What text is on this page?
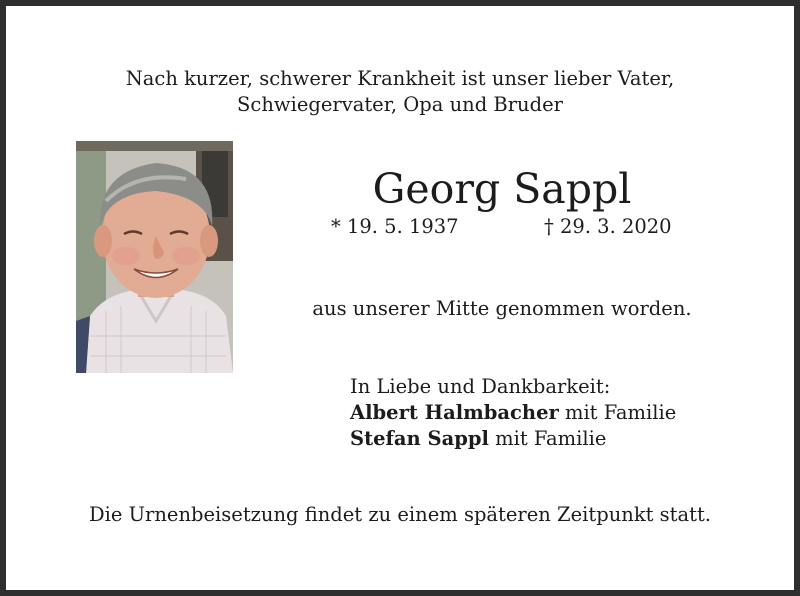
Nach kurzer, schwerer Krankheit ist unser lieber Vater,
Schwiegervater, Opa und Bruder
Georg Sappl
* 19. 5. 1937	† 29. 3. 2020
aus unserer Mitte genommen worden.
In Liebe und Dankbarkeit:
Albert Halmbacher mit Familie
Stefan Sappl mit Familie
Die Urnenbeisetzung findet zu einem späteren Zeitpunkt statt.
